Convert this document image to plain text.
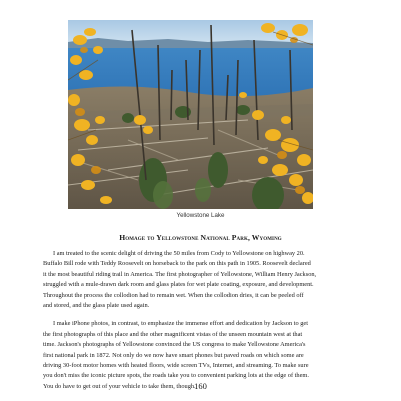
Yellowstone Lake
Homage to Yellowstone National Park, Wyoming

I am treated to the scenic delight of driving the 50 miles from Cody to Yellowstone on highway 20.
Buffalo Bill rode with Teddy Roosevelt on horseback to the park on this path in 1905. Roosevelt declared
it the most beautiful riding trail in America. The first photographer of Yellowstone, William Henry Jackson,
struggled with a mule-drawn dark room and glass plates for wet plate coating, exposure, and development.
Throughout the process the collodion had to remain wet. When the collodion dries, it can be peeled off
and stored, and the glass plate used again.

I make iPhone photos, in contrast, to emphasize the immense effort and dedication by Jackson to get
the first photographs of this place and the other magnificent vistas of the unseen mountain west at that
time. Jackson's photographs of Yellowstone convinced the US congress to make Yellowstone America's
first national park in 1872. Not only do we now have smart phones but paved roads on which some are
driving 30-foot motor homes with heated floors, wide screen TVs, Internet, and streaming. To make sure
you don't miss the iconic picture spots, the roads take you to convenient parking lots at the edge of them.
You do have to get out of your vehicle to take them, though.

160
